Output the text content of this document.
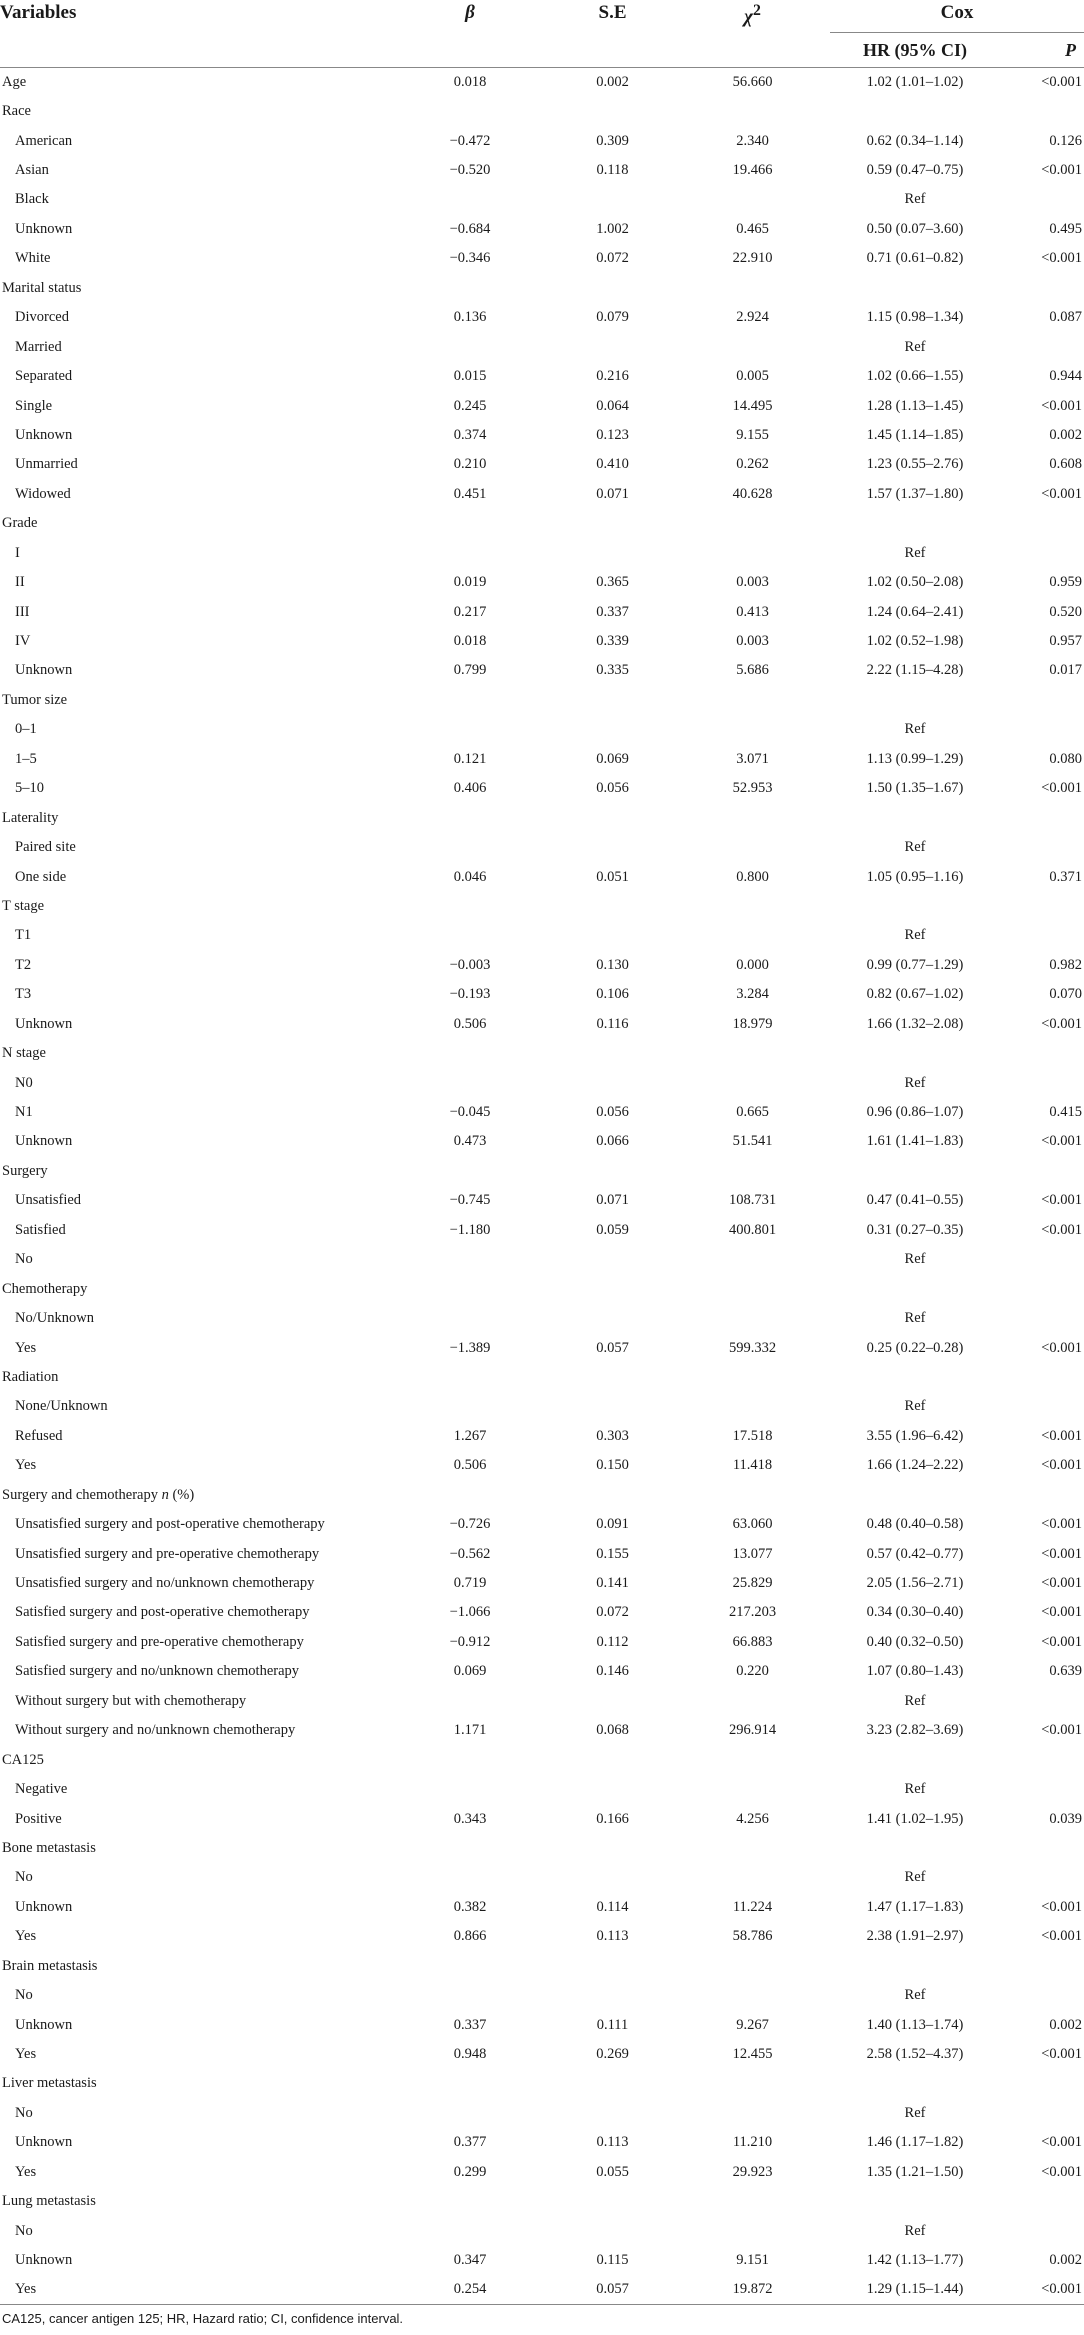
Variables	β	S.E	$\chi^2$	Cox	
				HR (95% CI)	P

Age	0.018	0.002	56.660	1.02 (1.01–1.02)	<0.001
Race					
American	−0.472	0.309	2.340	0.62 (0.34–1.14)	0.126
Asian	−0.520	0.118	19.466	0.59 (0.47–0.75)	<0.001
Black				Ref	
Unknown	−0.684	1.002	0.465	0.50 (0.07–3.60)	0.495
White	−0.346	0.072	22.910	0.71 (0.61–0.82)	<0.001
Marital status					
Divorced	0.136	0.079	2.924	1.15 (0.98–1.34)	0.087
Married				Ref	
Separated	0.015	0.216	0.005	1.02 (0.66–1.55)	0.944
Single	0.245	0.064	14.495	1.28 (1.13–1.45)	<0.001
Unknown	0.374	0.123	9.155	1.45 (1.14–1.85)	0.002
Unmarried	0.210	0.410	0.262	1.23 (0.55–2.76)	0.608
Widowed	0.451	0.071	40.628	1.57 (1.37–1.80)	<0.001
Grade					
I				Ref	
II	0.019	0.365	0.003	1.02 (0.50–2.08)	0.959
III	0.217	0.337	0.413	1.24 (0.64–2.41)	0.520
IV	0.018	0.339	0.003	1.02 (0.52–1.98)	0.957
Unknown	0.799	0.335	5.686	2.22 (1.15–4.28)	0.017
Tumor size					
0–1				Ref	
1–5	0.121	0.069	3.071	1.13 (0.99–1.29)	0.080
5–10	0.406	0.056	52.953	1.50 (1.35–1.67)	<0.001
Laterality					
Paired site				Ref	
One side	0.046	0.051	0.800	1.05 (0.95–1.16)	0.371
T stage					
T1				Ref	
T2	−0.003	0.130	0.000	0.99 (0.77–1.29)	0.982
T3	−0.193	0.106	3.284	0.82 (0.67–1.02)	0.070
Unknown	0.506	0.116	18.979	1.66 (1.32–2.08)	<0.001
N stage					
N0				Ref	
N1	−0.045	0.056	0.665	0.96 (0.86–1.07)	0.415
Unknown	0.473	0.066	51.541	1.61 (1.41–1.83)	<0.001
Surgery					
Unsatisfied	−0.745	0.071	108.731	0.47 (0.41–0.55)	<0.001
Satisfied	−1.180	0.059	400.801	0.31 (0.27–0.35)	<0.001
No				Ref	
Chemotherapy					
No/Unknown				Ref	
Yes	−1.389	0.057	599.332	0.25 (0.22–0.28)	<0.001
Radiation					
None/Unknown				Ref	
Refused	1.267	0.303	17.518	3.55 (1.96–6.42)	<0.001
Yes	0.506	0.150	11.418	1.66 (1.24–2.22)	<0.001
Surgery and chemotherapy n (%)					
Unsatisfied surgery and post-operative chemotherapy	−0.726	0.091	63.060	0.48 (0.40–0.58)	<0.001
Unsatisfied surgery and pre-operative chemotherapy	−0.562	0.155	13.077	0.57 (0.42–0.77)	<0.001
Unsatisfied surgery and no/unknown chemotherapy	0.719	0.141	25.829	2.05 (1.56–2.71)	<0.001
Satisfied surgery and post-operative chemotherapy	−1.066	0.072	217.203	0.34 (0.30–0.40)	<0.001
Satisfied surgery and pre-operative chemotherapy	−0.912	0.112	66.883	0.40 (0.32–0.50)	<0.001
Satisfied surgery and no/unknown chemotherapy	0.069	0.146	0.220	1.07 (0.80–1.43)	0.639
Without surgery but with chemotherapy				Ref	
Without surgery and no/unknown chemotherapy	1.171	0.068	296.914	3.23 (2.82–3.69)	<0.001
CA125					
Negative				Ref	
Positive	0.343	0.166	4.256	1.41 (1.02–1.95)	0.039
Bone metastasis					
No				Ref	
Unknown	0.382	0.114	11.224	1.47 (1.17–1.83)	<0.001
Yes	0.866	0.113	58.786	2.38 (1.91–2.97)	<0.001
Brain metastasis					
No				Ref	
Unknown	0.337	0.111	9.267	1.40 (1.13–1.74)	0.002
Yes	0.948	0.269	12.455	2.58 (1.52–4.37)	<0.001
Liver metastasis					
No				Ref	
Unknown	0.377	0.113	11.210	1.46 (1.17–1.82)	<0.001
Yes	0.299	0.055	29.923	1.35 (1.21–1.50)	<0.001
Lung metastasis					
No				Ref	
Unknown	0.347	0.115	9.151	1.42 (1.13–1.77)	0.002
Yes	0.254	0.057	19.872	1.29 (1.15–1.44)	<0.001
CA125, cancer antigen 125; HR, Hazard ratio; CI, confidence interval.
